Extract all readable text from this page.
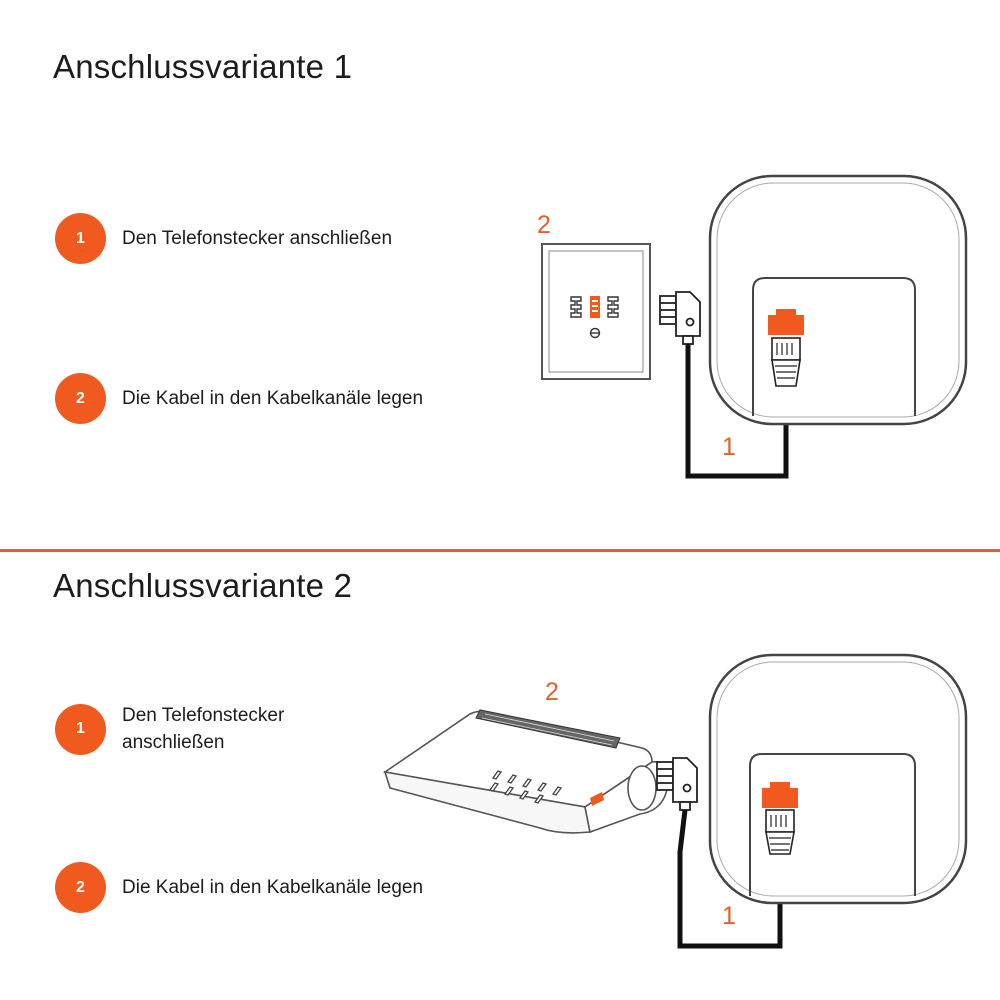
Anschlussvariante 1
1	Den Telefonstecker anschließen
2	Die Kabel in den Kabelkanäle legen
2
1
Anschlussvariante 2
1
Den Telefonstecker
anschließen
2	Die Kabel in den Kabelkanäle legen
2
1
